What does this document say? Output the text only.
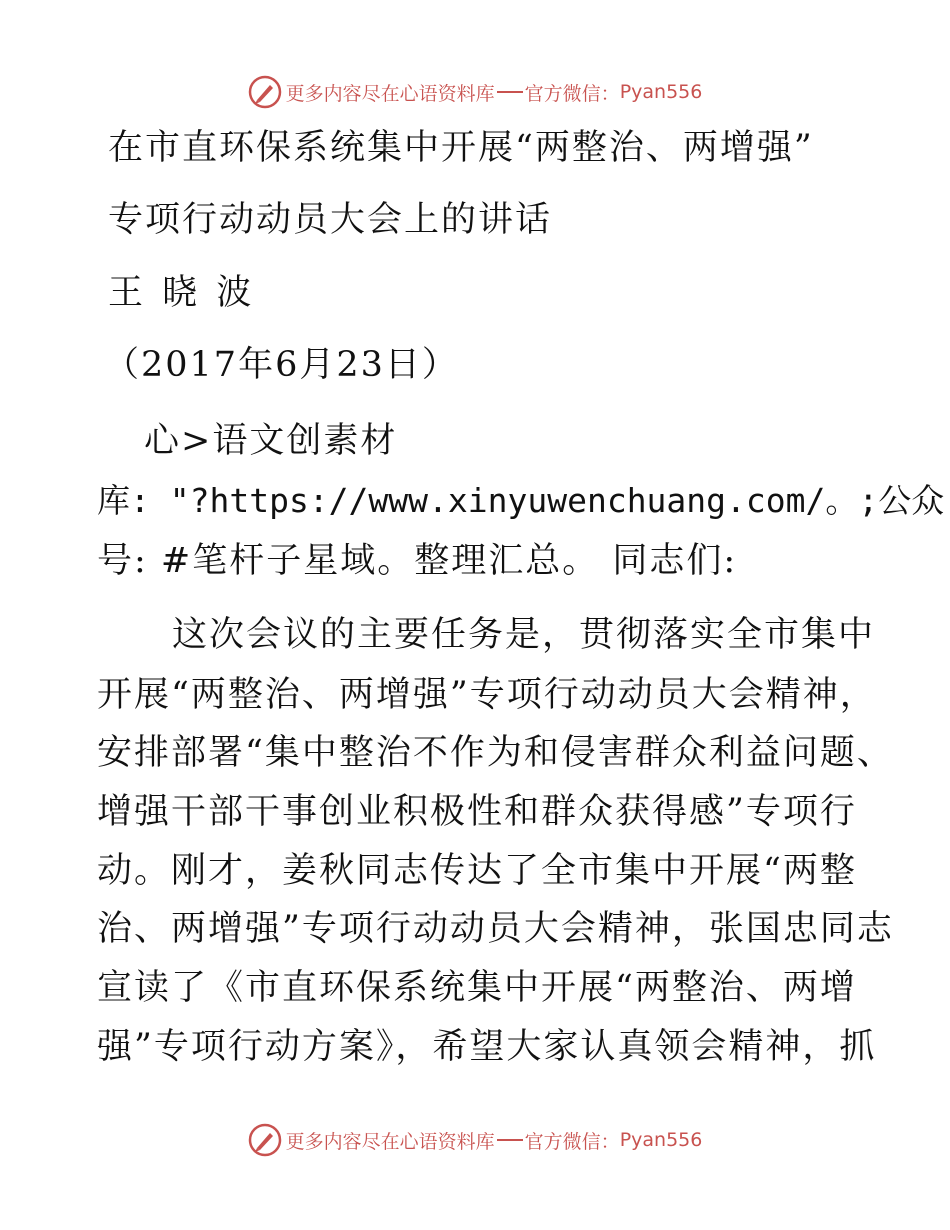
更多内容尽在心语资料库 官方微信： Pyan556
在市直环保系统集中开展“两整治、两增强”
专项行动动员大会上的讲话
王 晓 波
（2017年6月23日）
心>语文创素材
库: "?https://www.xinyuwenchuang.com/。;公众
号: #笔杆子星域。整理汇总。 同志们:
这次会议的主要任务是，贯彻落实全市集中
开展“两整治、两增强”专项行动动员大会精神，
安排部署“集中整治不作为和侵害群众利益问题、
增强干部干事创业积极性和群众获得感”专项行
动。刚才，姜秋同志传达了全市集中开展“两整
治、两增强”专项行动动员大会精神，张国忠同志
宣读了《市直环保系统集中开展“两整治、两增
强”专项行动方案》，希望大家认真领会精神，抓
更多内容尽在心语资料库 官方微信： Pyan556
